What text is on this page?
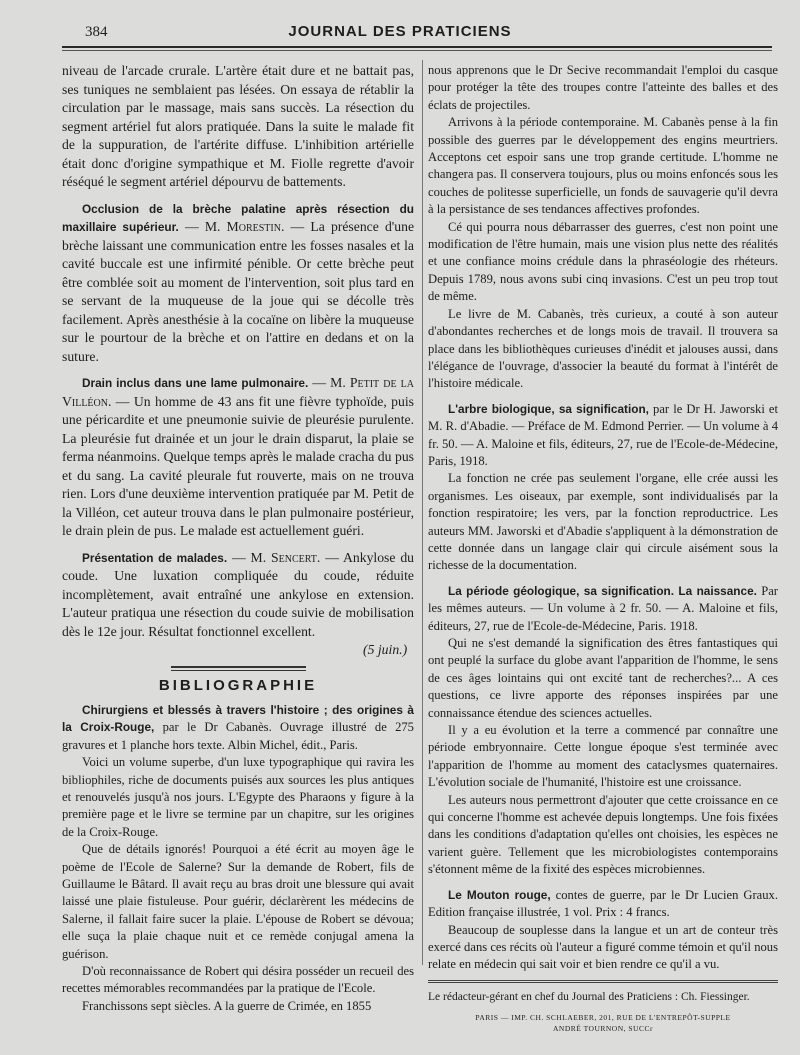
384	JOURNAL DES PRATICIENS

niveau de l'arcade crurale. L'artère était dure et ne battait pas, ses tuniques ne semblaient pas lésées. On essaya de rétablir la circulation par le massage, mais sans succès. La résection du segment artériel fut alors pratiquée. Dans la suite le malade fit de la suppuration, de l'artérite diffuse. L'inhibition artérielle était donc d'origine sympathique et M. Fiolle regrette d'avoir réséqué le segment artériel dépourvu de battements.

Occlusion de la brèche palatine après résection du maxillaire supérieur. — M. Morestin. — La présence d'une brèche laissant une communication entre les fosses nasales et la cavité buccale est une infirmité pénible. Or cette brèche peut être comblée soit au moment de l'intervention, soit plus tard en se servant de la muqueuse de la joue qui se décolle très facilement. Après anesthésie à la cocaïne on libère la muqueuse sur le pourtour de la brèche et on l'attire en dedans et on la suture.

Drain inclus dans une lame pulmonaire. — M. Petit de la Villéon. — Un homme de 43 ans fit une fièvre typhoïde, puis une péricardite et une pneumonie suivie de pleurésie purulente. La pleurésie fut drainée et un jour le drain disparut, la plaie se ferma néanmoins. Quelque temps après le malade cracha du pus et du sang. La cavité pleurale fut rouverte, mais on ne trouva rien. Lors d'une deuxième intervention pratiquée par M. Petit de la Villéon, cet auteur trouva dans le plan pulmonaire postérieur, le drain plein de pus. Le malade est actuellement guéri.

Présentation de malades. — M. Sencert. — Ankylose du coude. Une luxation compliquée du coude, réduite incomplètement, avait entraîné une ankylose en extension. L'auteur pratiqua une résection du coude suivie de mobilisation dès le 12e jour. Résultat fonctionnel excellent.

(5 juin.)

BIBLIOGRAPHIE

Chirurgiens et blessés à travers l'histoire ; des origines à la Croix-Rouge, par le Dr Cabanès. Ouvrage illustré de 275 gravures et 1 planche hors texte. Albin Michel, édit., Paris.

Voici un volume superbe, d'un luxe typographique qui ravira les bibliophiles, riche de documents puisés aux sources les plus antiques et renouvelés jusqu'à nos jours. L'Egypte des Pharaons y figure à la première page et le livre se termine par un chapitre, sur les origines de la Croix-Rouge.

Que de détails ignorés! Pourquoi a été écrit au moyen âge le poème de l'Ecole de Salerne? Sur la demande de Robert, fils de Guillaume le Bâtard. Il avait reçu au bras droit une blessure qui avait laissé une plaie fistuleuse. Pour guérir, déclarèrent les médecins de Salerne, il fallait faire sucer la plaie. L'épouse de Robert se dévoua; elle suça la plaie chaque nuit et ce remède conjugal amena la guérison.

D'où reconnaissance de Robert qui désira posséder un recueil des recettes mémorables recommandées par la pratique de l'Ecole.

Franchissons sept siècles. A la guerre de Crimée, en 1855

nous apprenons que le Dr Secive recommandait l'emploi du casque pour protéger la tête des troupes contre l'atteinte des balles et des éclats de projectiles.

Arrivons à la période contemporaine. M. Cabanès pense à la fin possible des guerres par le développement des engins meurtriers. Acceptons cet espoir sans une trop grande certitude. L'homme ne changera pas. Il conservera toujours, plus ou moins enfoncés sous les couches de politesse superficielle, un fonds de sauvagerie qu'il devra à la persistance de ses tendances affectives profondes.

Cé qui pourra nous débarrasser des guerres, c'est non point une modification de l'être humain, mais une vision plus nette des réalités et une confiance moins crédule dans la phraséologie des rhéteurs. Depuis 1789, nous avons subi cinq invasions. C'est un peu trop tout de même.

Le livre de M. Cabanès, très curieux, a couté à son auteur d'abondantes recherches et de longs mois de travail. Il trouvera sa place dans les bibliothèques curieuses d'inédit et jalouses aussi, dans l'élégance de l'ouvrage, d'associer la beauté du format à l'intérêt de l'histoire médicale.

L'arbre biologique, sa signification, par le Dr H. Jaworski et M. R. d'Abadie. — Préface de M. Edmond Perrier. — Un volume à 4 fr. 50. — A. Maloine et fils, éditeurs, 27, rue de l'Ecole-de-Médecine, Paris, 1918.

La fonction ne crée pas seulement l'organe, elle crée aussi les organismes. Les oiseaux, par exemple, sont individualisés par la fonction respiratoire; les vers, par la fonction reproductrice. Les auteurs MM. Jaworski et d'Abadie s'appliquent à la démonstration de cette donnée dans un langage clair qui circule aisément sous la richesse de la documentation.

La période géologique, sa signification. La naissance. Par les mêmes auteurs. — Un volume à 2 fr. 50. — A. Maloine et fils, éditeurs, 27, rue de l'Ecole-de-Médecine, Paris. 1918.

Qui ne s'est demandé la signification des êtres fantastiques qui ont peuplé la surface du globe avant l'apparition de l'homme, le sens de ces âges lointains qui ont excité tant de recherches?... A ces questions, ce livre apporte des réponses inspirées par une connaissance étendue des sciences actuelles.

Il y a eu évolution et la terre a commencé par connaître une période embryonnaire. Cette longue époque s'est terminée avec l'apparition de l'homme au moment des cataclysmes quaternaires. L'évolution sociale de l'humanité, l'histoire est une croissance.

Les auteurs nous permettront d'ajouter que cette croissance en ce qui concerne l'homme est achevée depuis longtemps. Une fois fixées dans les conditions d'adaptation qu'elles ont choisies, les espèces ne varient guère. Tellement que les microbiologistes contemporains s'étonnent même de la fixité des espèces microbiennes.

Le Mouton rouge, contes de guerre, par le Dr Lucien Graux. Edition française illustrée, 1 vol. Prix : 4 francs.

Beaucoup de souplesse dans la langue et un art de conteur très exercé dans ces récits où l'auteur a figuré comme témoin et qu'il nous relate en médecin qui sait voir et bien rendre ce qu'il a vu.

Le rédacteur-gérant en chef du Journal des Praticiens : Ch. Fiessinger.

PARIS — IMP. CH. SCHLAEBER, 201, RUE DE L'ENTREPÔT-SUPPLE
ANDRÉ TOURNON, SUCCr
